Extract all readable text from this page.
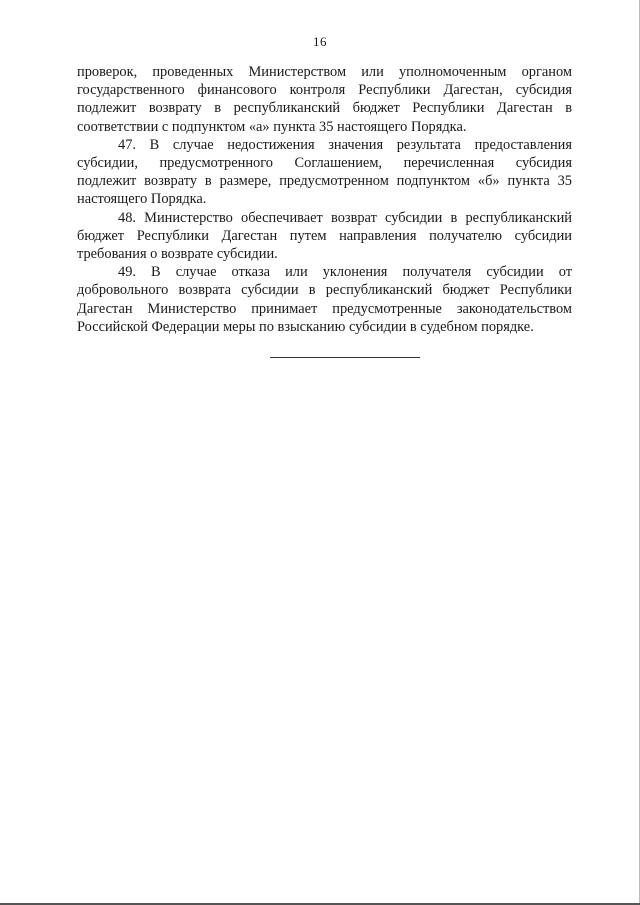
16

проверок, проведенных Министерством или уполномоченным органом
государственного финансового контроля Республики Дагестан, субсидия
подлежит возврату в республиканский бюджет Республики Дагестан в
соответствии с подпунктом «а» пункта 35 настоящего Порядка.

47. В случае недостижения значения результата предоставления
субсидии, предусмотренного Соглашением, перечисленная субсидия
подлежит возврату в размере, предусмотренном подпунктом «б» пункта 35
настоящего Порядка.

48. Министерство обеспечивает возврат субсидии в республиканский
бюджет Республики Дагестан путем направления получателю субсидии
требования о возврате субсидии.

49. В случае отказа или уклонения получателя субсидии от
добровольного возврата субсидии в республиканский бюджет Республики
Дагестан Министерство принимает предусмотренные законодательством
Российской Федерации меры по взысканию субсидии в судебном порядке.
